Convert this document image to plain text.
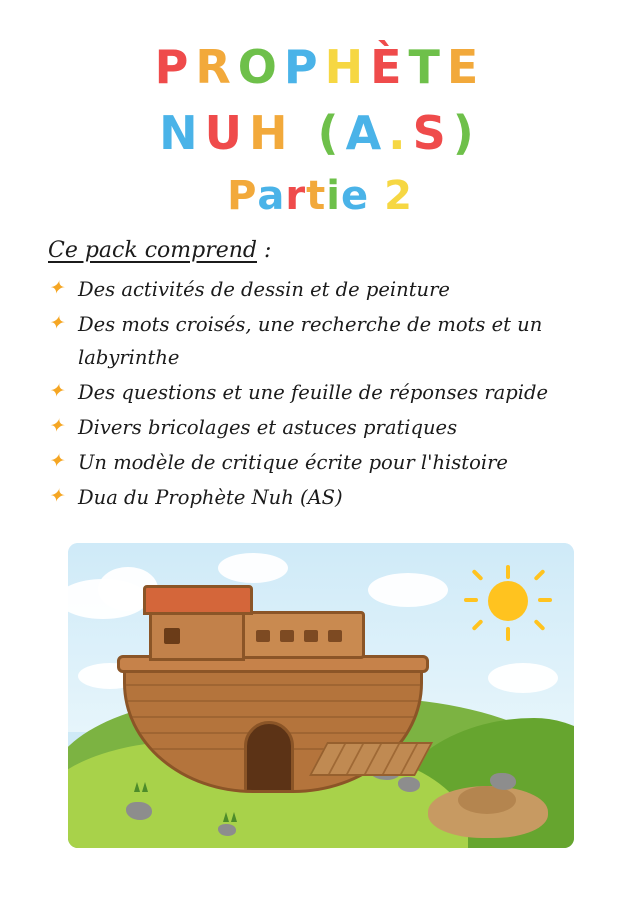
PROPHÈTE
NUH (A.S)
Partie 2
Ce pack comprend :
✦ Des activités de dessin et de peinture
✦ Des mots croisés, une recherche de mots et un labyrinthe
✦ Des questions et une feuille de réponses rapide
✦ Divers bricolages et astuces pratiques
✦ Un modèle de critique écrite pour l'histoire
✦ Dua du Prophète Nuh (AS)
